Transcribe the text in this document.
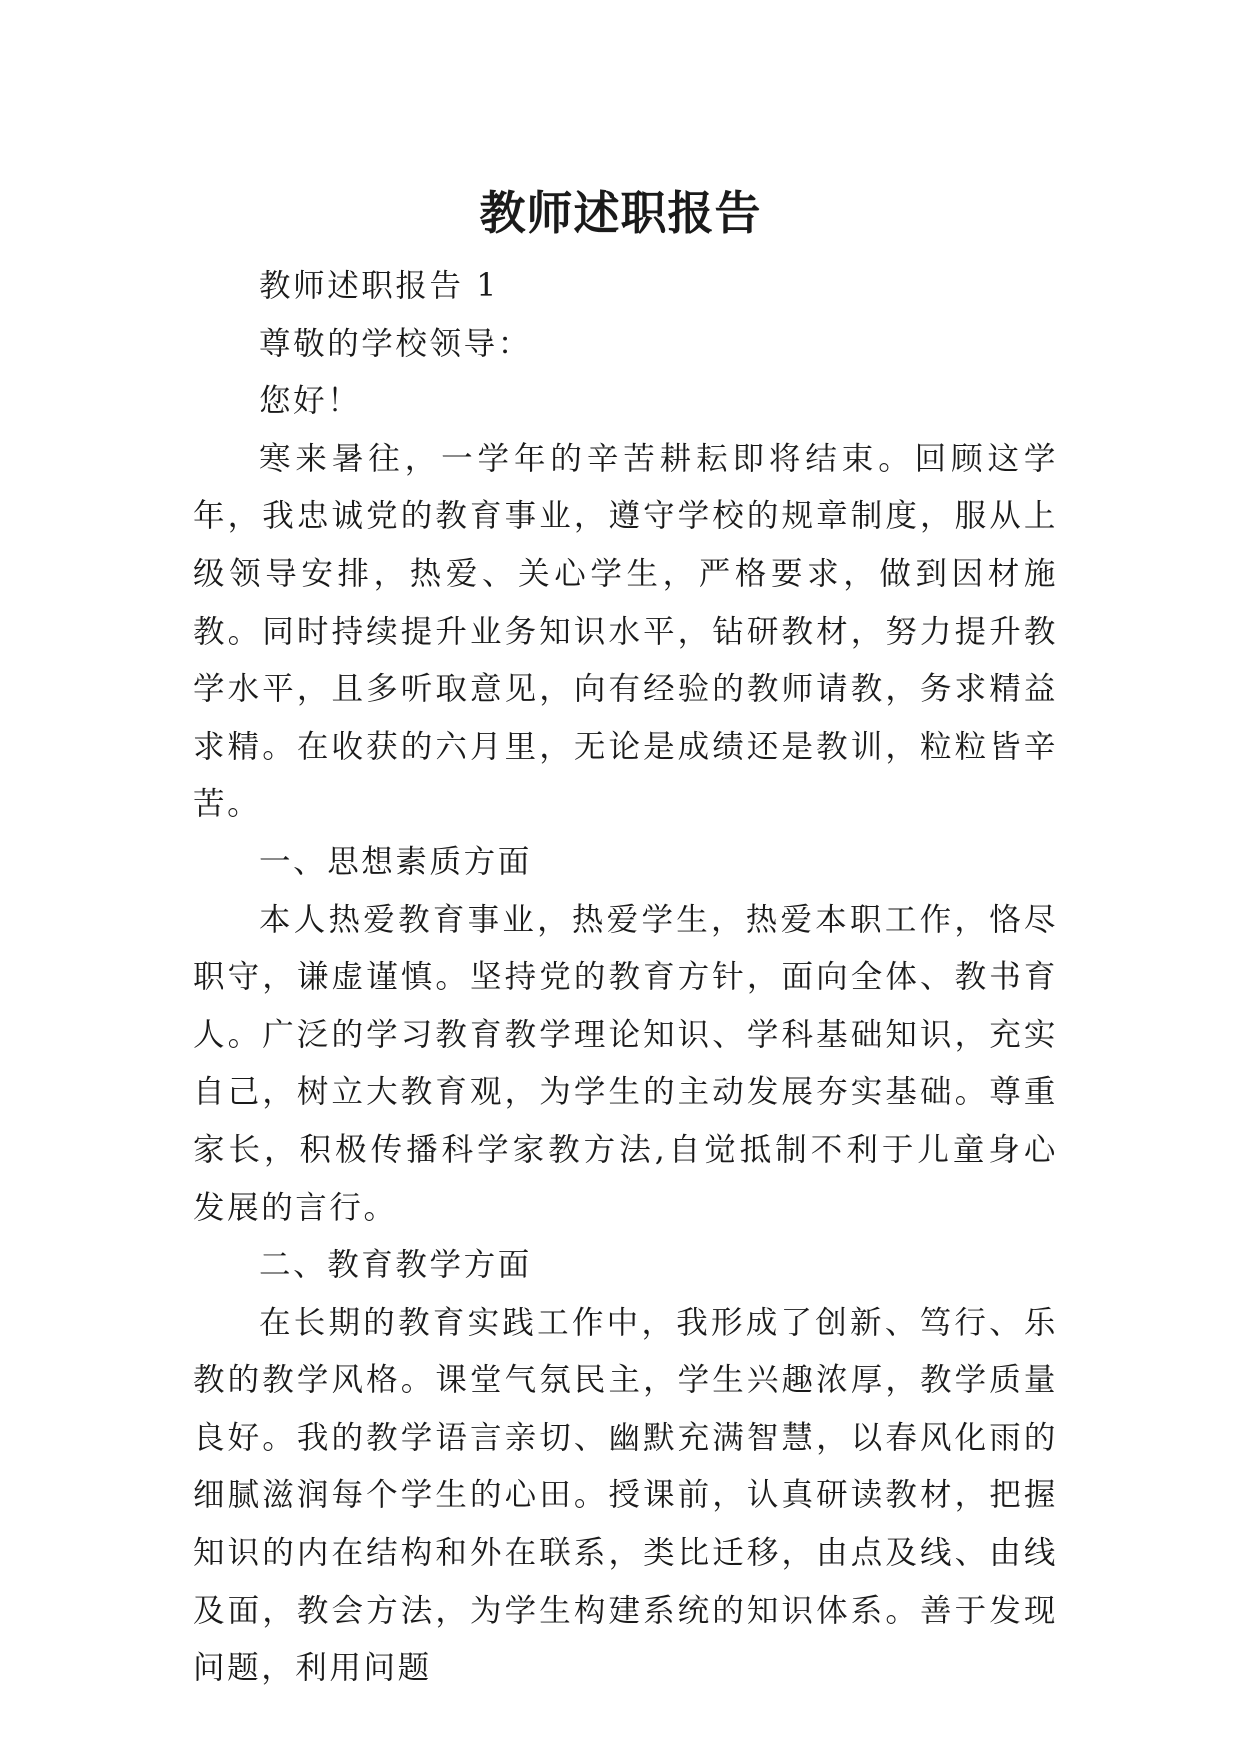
教师述职报告

教师述职报告 1

尊敬的学校领导：

您好！

寒来暑往，一学年的辛苦耕耘即将结束。回顾这学年，我忠诚党的教育事业，遵守学校的规章制度，服从上级领导安排，热爱、关心学生，严格要求，做到因材施教。同时持续提升业务知识水平，钻研教材，努力提升教学水平，且多听取意见，向有经验的教师请教，务求精益求精。在收获的六月里，无论是成绩还是教训，粒粒皆辛苦。

一、思想素质方面

本人热爱教育事业，热爱学生，热爱本职工作，恪尽职守，谦虚谨慎。坚持党的教育方针，面向全体、教书育人。广泛的学习教育教学理论知识、学科基础知识，充实自己，树立大教育观，为学生的主动发展夯实基础。尊重家长，积极传播科学家教方法,自觉抵制不利于儿童身心发展的言行。

二、教育教学方面

在长期的教育实践工作中，我形成了创新、笃行、乐教的教学风格。课堂气氛民主，学生兴趣浓厚，教学质量良好。我的教学语言亲切、幽默充满智慧，以春风化雨的细腻滋润每个学生的心田。授课前，认真研读教材，把握知识的内在结构和外在联系，类比迁移，由点及线、由线及面，教会方法，为学生构建系统的知识体系。善于发现问题，利用问题
